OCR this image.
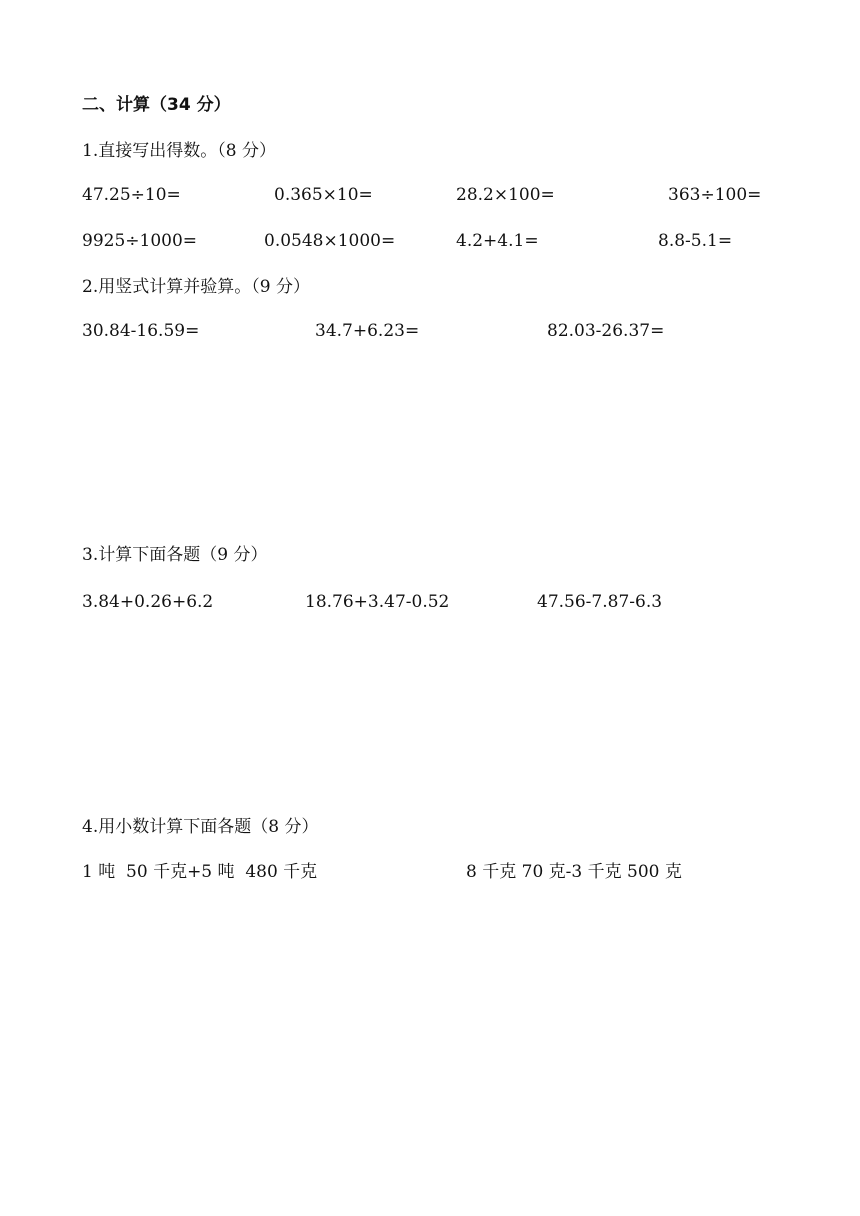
二、计算（34 分）
1.直接写出得数。（8 分）
47.25÷10=	0.365×10=	28.2×100=	363÷100=
9925÷1000=	0.0548×1000=	4.2+4.1=	8.8-5.1=
2.用竖式计算并验算。（9 分）
30.84-16.59=	34.7+6.23=	82.03-26.37=
3.计算下面各题（9 分）
3.84+0.26+6.2	18.76+3.47-0.52	47.56-7.87-6.3
4.用小数计算下面各题（8 分）
1 吨  50 千克+5 吨  480 千克	8 千克 70 克-3 千克 500 克
